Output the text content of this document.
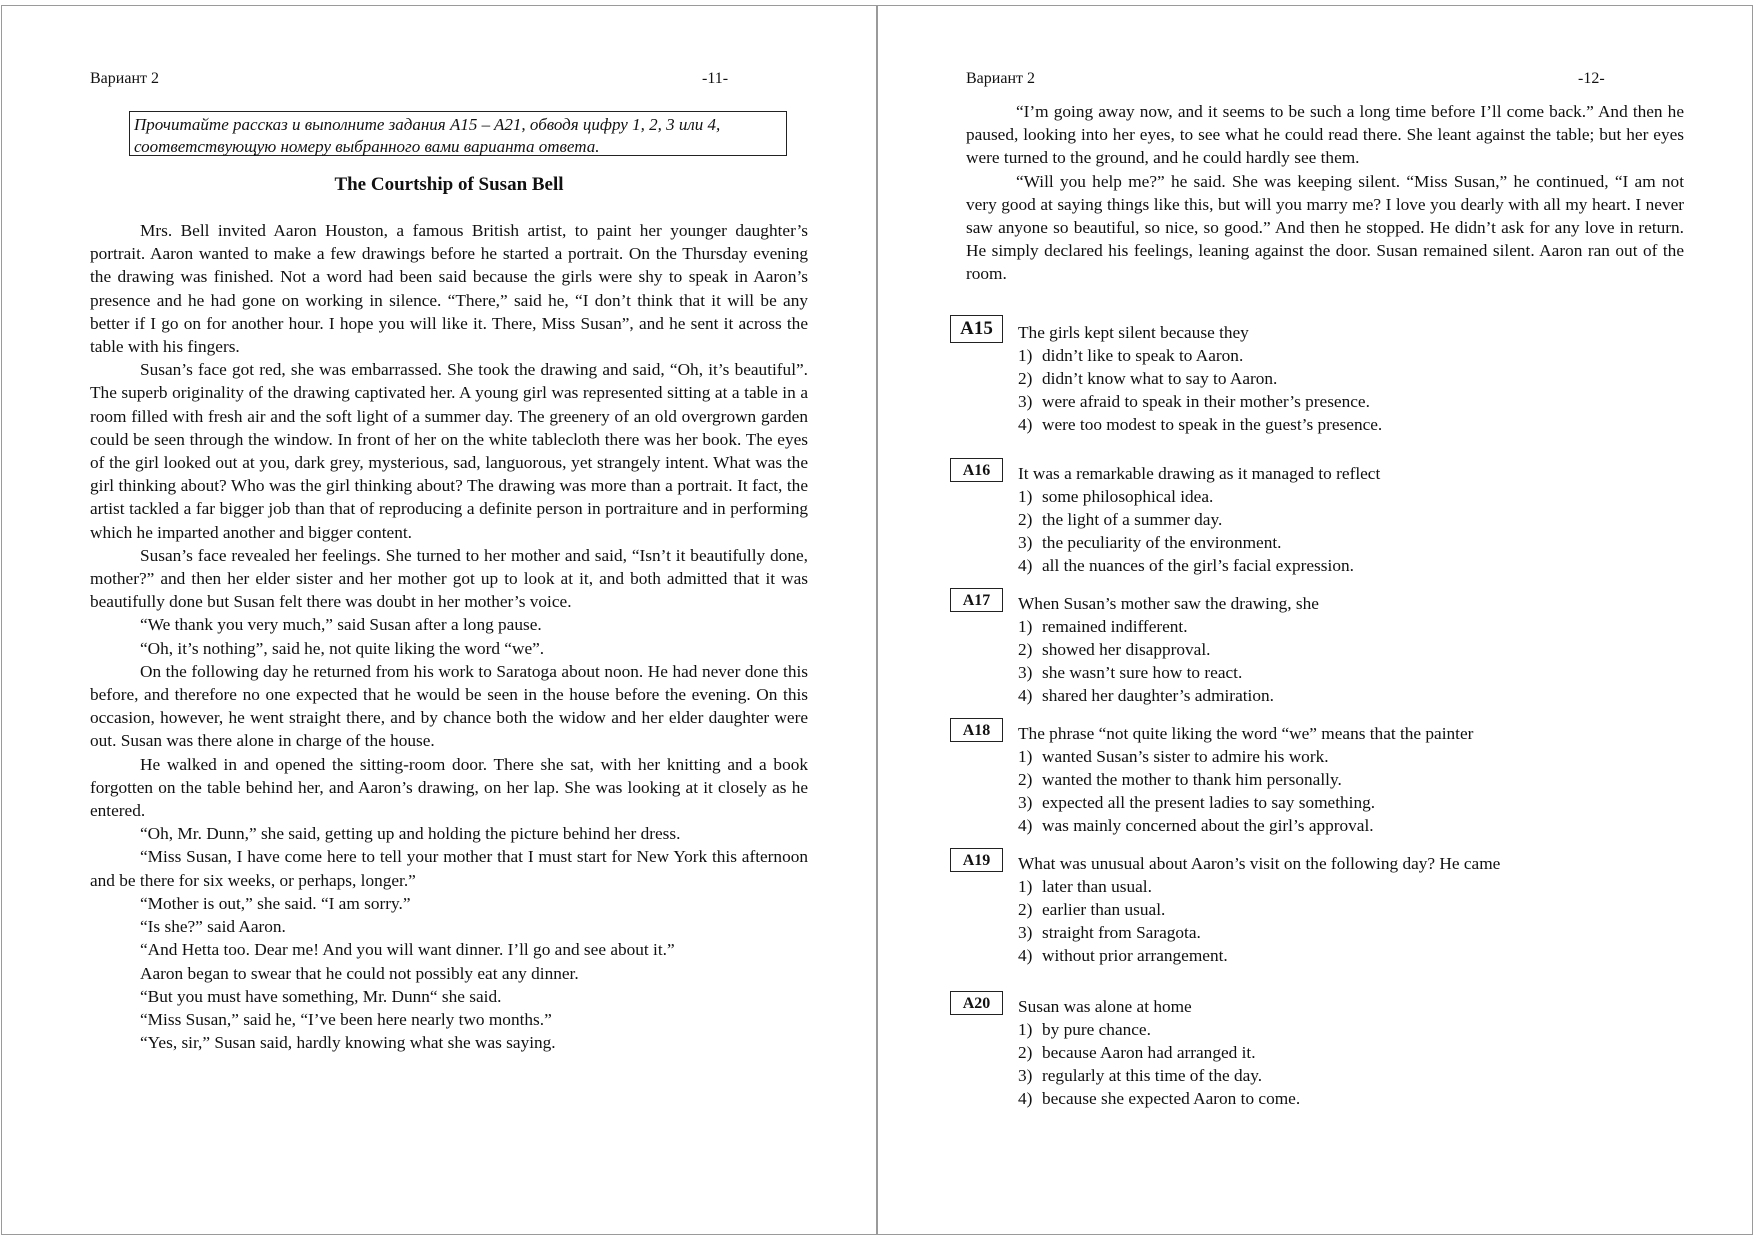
Вариант 2	-11-
Прочитайте рассказ и выполните задания A15 – A21, обводя цифру 1, 2, 3 или 4, соответствующую номеру выбранного вами варианта ответа.
The Courtship of Susan Bell

Mrs. Bell invited Aaron Houston, a famous British artist, to paint her younger daughter’s portrait. Aaron wanted to make a few drawings before he started a portrait. On the Thursday evening the drawing was finished. Not a word had been said because the girls were shy to speak in Aaron’s presence and he had gone on working in silence. “There,” said he, “I don’t think that it will be any better if I go on for another hour. I hope you will like it. There, Miss Susan”, and he sent it across the table with his fingers.

Susan’s face got red, she was embarrassed. She took the drawing and said, “Oh, it’s beautiful”. The superb originality of the drawing captivated her. A young girl was represented sitting at a table in a room filled with fresh air and the soft light of a summer day. The greenery of an old overgrown garden could be seen through the window. In front of her on the white tablecloth there was her book. The eyes of the girl looked out at you, dark grey, mysterious, sad, languorous, yet strangely intent. What was the girl thinking about? Who was the girl thinking about? The drawing was more than a portrait. It fact, the artist tackled a far bigger job than that of reproducing a definite person in portraiture and in performing which he imparted another and bigger content.

Susan’s face revealed her feelings. She turned to her mother and said, “Isn’t it beautifully done, mother?” and then her elder sister and her mother got up to look at it, and both admitted that it was beautifully done but Susan felt there was doubt in her mother’s voice.

“We thank you very much,” said Susan after a long pause.

“Oh, it’s nothing”, said he, not quite liking the word “we”.

On the following day he returned from his work to Saratoga about noon. He had never done this before, and therefore no one expected that he would be seen in the house before the evening. On this occasion, however, he went straight there, and by chance both the widow and her elder daughter were out. Susan was there alone in charge of the house.

He walked in and opened the sitting-room door. There she sat, with her knitting and a book forgotten on the table behind her, and Aaron’s drawing, on her lap. She was looking at it closely as he entered.

“Oh, Mr. Dunn,” she said, getting up and holding the picture behind her dress.

“Miss Susan, I have come here to tell your mother that I must start for New York this afternoon and be there for six weeks, or perhaps, longer.”

“Mother is out,” she said. “I am sorry.”

“Is she?” said Aaron.

“And Hetta too. Dear me! And you will want dinner. I’ll go and see about it.”

Aaron began to swear that he could not possibly eat any dinner.

“But you must have something, Mr. Dunn“ she said.

“Miss Susan,” said he, “I’ve been here nearly two months.”

“Yes, sir,” Susan said, hardly knowing what she was saying.

Вариант 2	-12-

“I’m going away now, and it seems to be such a long time before I’ll come back.” And then he paused, looking into her eyes, to see what he could read there. She leant against the table; but her eyes were turned to the ground, and he could hardly see them.

“Will you help me?” he said. She was keeping silent. “Miss Susan,” he continued, “I am not very good at saying things like this, but will you marry me? I love you dearly with all my heart. I never saw anyone so beautiful, so nice, so good.” And then he stopped. He didn’t ask for any love in return. He simply declared his feelings, leaning against the door. Susan remained silent. Aaron ran out of the room.

A15	The girls kept silent because they
1) didn’t like to speak to Aaron.
2) didn’t know what to say to Aaron.
3) were afraid to speak in their mother’s presence.
4) were too modest to speak in the guest’s presence.
A16	It was a remarkable drawing as it managed to reflect
1) some philosophical idea.
2) the light of a summer day.
3) the peculiarity of the environment.
4) all the nuances of the girl’s facial expression.
A17	When Susan’s mother saw the drawing, she
1) remained indifferent.
2) showed her disapproval.
3) she wasn’t sure how to react.
4) shared her daughter’s admiration.
A18	The phrase “not quite liking the word “we” means that the painter
1) wanted Susan’s sister to admire his work.
2) wanted the mother to thank him personally.
3) expected all the present ladies to say something.
4) was mainly concerned about the girl’s approval.
A19	What was unusual about Aaron’s visit on the following day? He came
1) later than usual.
2) earlier than usual.
3) straight from Saragota.
4) without prior arrangement.
A20	Susan was alone at home
1) by pure chance.
2) because Aaron had arranged it.
3) regularly at this time of the day.
4) because she expected Aaron to come.
